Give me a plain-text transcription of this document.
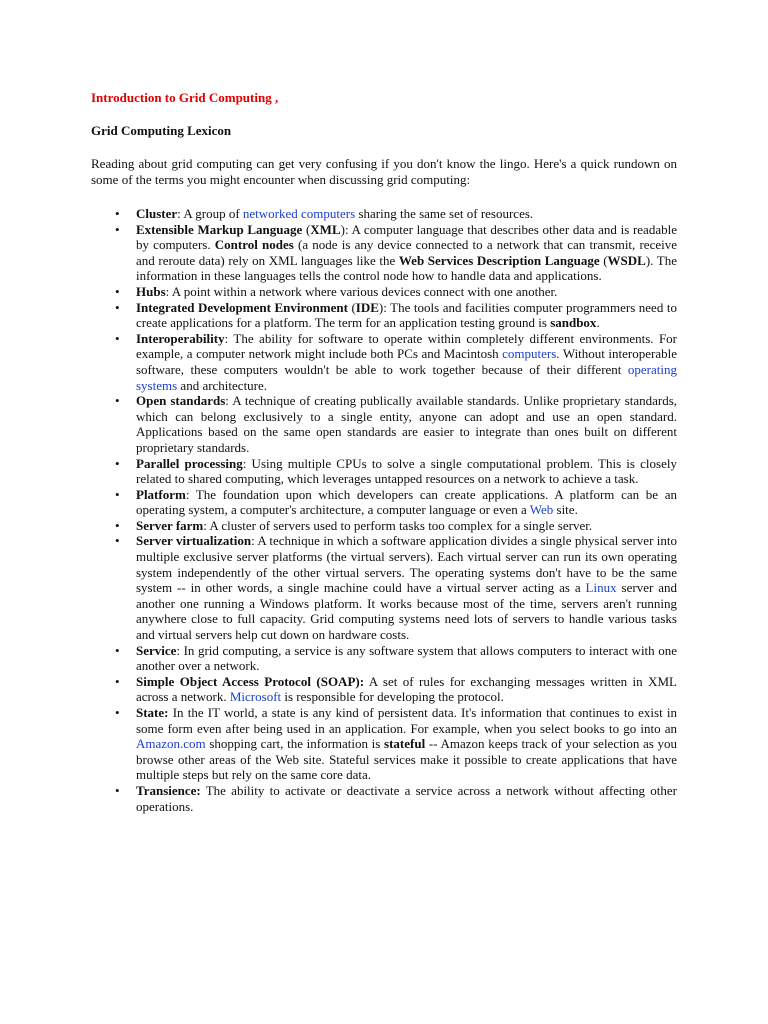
Introduction to Grid Computing ,

Grid Computing Lexicon

Reading about grid computing can get very confusing if you don't know the lingo. Here's a quick rundown on some of the terms you might encounter when discussing grid computing:

• Cluster: A group of networked computers sharing the same set of resources.
• Extensible Markup Language (XML): A computer language that describes other data and is readable by computers. Control nodes (a node is any device connected to a network that can transmit, receive and reroute data) rely on XML languages like the Web Services Description Language (WSDL). The information in these languages tells the control node how to handle data and applications.
• Hubs: A point within a network where various devices connect with one another.
• Integrated Development Environment (IDE): The tools and facilities computer programmers need to create applications for a platform. The term for an application testing ground is sandbox.
• Interoperability: The ability for software to operate within completely different environments. For example, a computer network might include both PCs and Macintosh computers. Without interoperable software, these computers wouldn't be able to work together because of their different operating systems and architecture.
• Open standards: A technique of creating publically available standards. Unlike proprietary standards, which can belong exclusively to a single entity, anyone can adopt and use an open standard. Applications based on the same open standards are easier to integrate than ones built on different proprietary standards.
• Parallel processing: Using multiple CPUs to solve a single computational problem. This is closely related to shared computing, which leverages untapped resources on a network to achieve a task.
• Platform: The foundation upon which developers can create applications. A platform can be an operating system, a computer's architecture, a computer language or even a Web site.
• Server farm: A cluster of servers used to perform tasks too complex for a single server.
• Server virtualization: A technique in which a software application divides a single physical server into multiple exclusive server platforms (the virtual servers). Each virtual server can run its own operating system independently of the other virtual servers. The operating systems don't have to be the same system -- in other words, a single machine could have a virtual server acting as a Linux server and another one running a Windows platform. It works because most of the time, servers aren't running anywhere close to full capacity. Grid computing systems need lots of servers to handle various tasks and virtual servers help cut down on hardware costs.
• Service: In grid computing, a service is any software system that allows computers to interact with one another over a network.
• Simple Object Access Protocol (SOAP): A set of rules for exchanging messages written in XML across a network. Microsoft is responsible for developing the protocol.
• State: In the IT world, a state is any kind of persistent data. It's information that continues to exist in some form even after being used in an application. For example, when you select books to go into an Amazon.com shopping cart, the information is stateful -- Amazon keeps track of your selection as you browse other areas of the Web site. Stateful services make it possible to create applications that have multiple steps but rely on the same core data.
• Transience: The ability to activate or deactivate a service across a network without affecting other operations.
